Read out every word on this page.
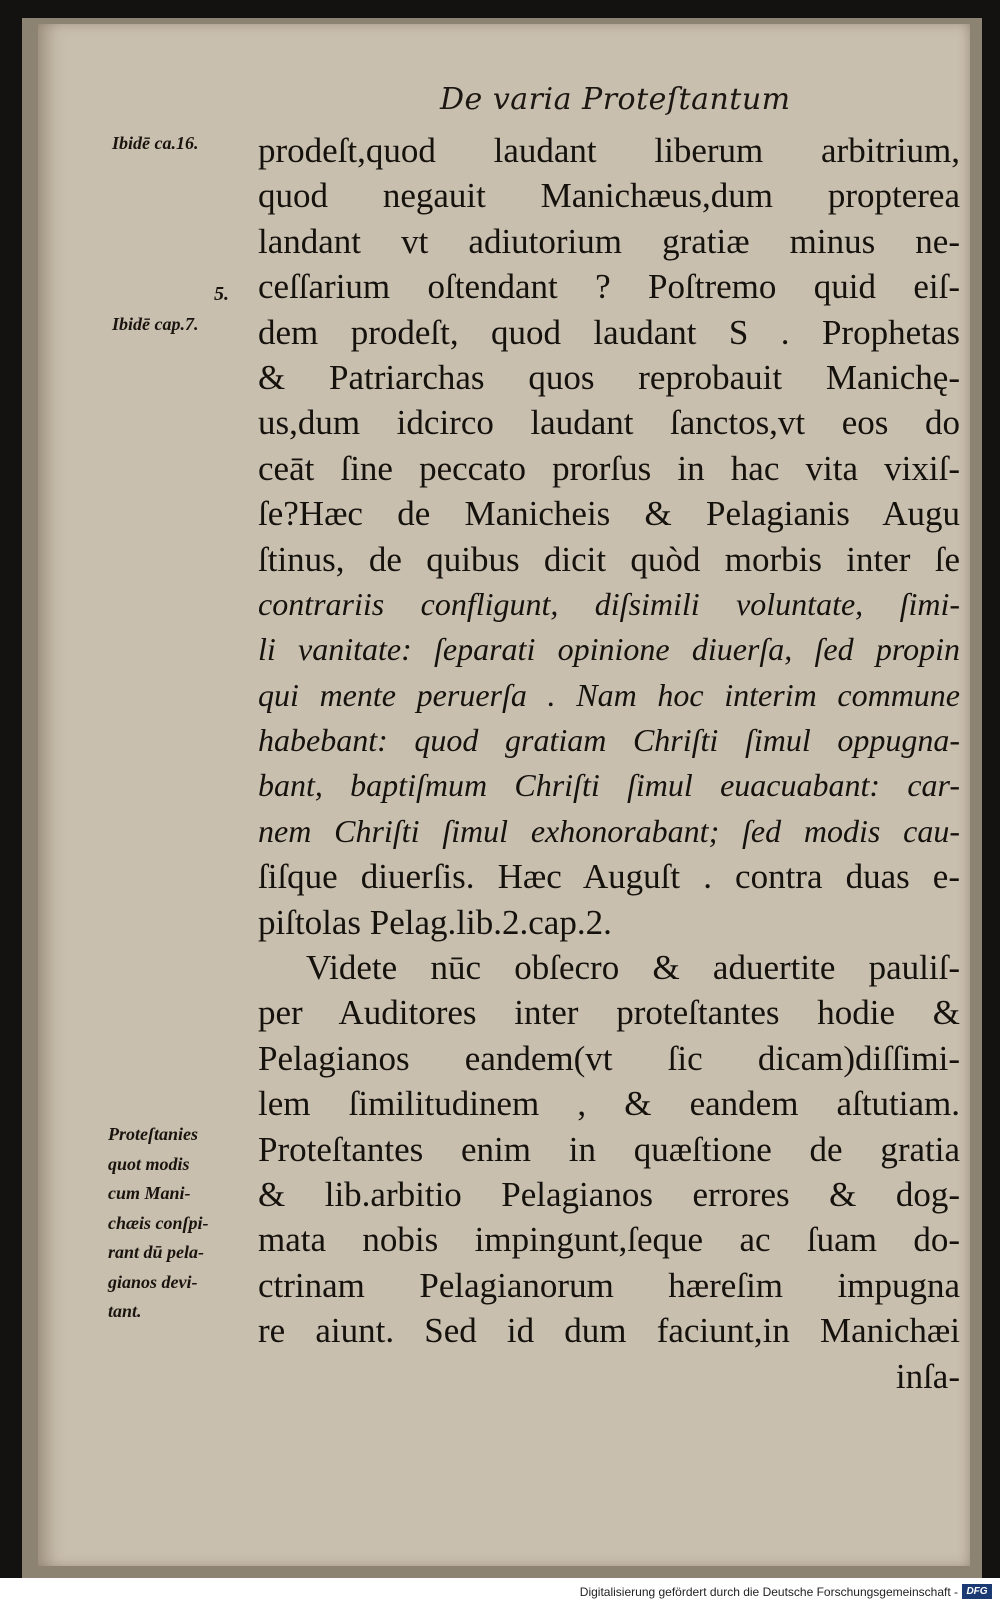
De varia Proteſtantum
Ibidē ca.16.
5.
Ibidē cap.7.
Proteſtanies
quot modis
cum Mani-
chæis conſpi-
rant dū pela-
gianos devi-
tant.
prodeſt,quod laudant liberum arbitrium,
quod negauit Manichæus,dum propterea
landant vt adiutorium gratiæ minus ne-
ceſſarium oſtendant ? Poſtremo quid eiſ-
dem prodeſt, quod laudant S . Prophetas
& Patriarchas quos reprobauit Manichę-
us,dum idcirco laudant ſanctos,vt eos do
ceāt ſine peccato prorſus in hac vita vixiſ-
ſe?Hæc de Manicheis & Pelagianis Augu
ſtinus, de quibus dicit quòd morbis inter ſe
contrariis confligunt, diſsimili voluntate, ſimi-
li vanitate: ſeparati opinione diuerſa, ſed propin
qui mente peruerſa . Nam hoc interim commune
habebant: quod gratiam Chriſti ſimul oppugna-
bant, baptiſmum Chriſti ſimul euacuabant: car-
nem Chriſti ſimul exhonorabant; ſed modis cau-
ſiſque diuerſis. Hæc Auguſt . contra duas e-
piſtolas Pelag.lib.2.cap.2.
Videte nūc obſecro & aduertite pauliſ-
per Auditores inter proteſtantes hodie &
Pelagianos eandem(vt ſic dicam)diſſimi-
lem ſimilitudinem , & eandem aſtutiam.
Proteſtantes enim in quæſtione de gratia
& lib.arbitio Pelagianos errores & dog-
mata nobis impingunt,ſeque ac ſuam do-
ctrinam Pelagianorum hæreſim impugna
re aiunt. Sed id dum faciunt,in Manichæi
inſa-
Digitalisierung gefördert durch die Deutsche Forschungsgemeinschaft - DFG
